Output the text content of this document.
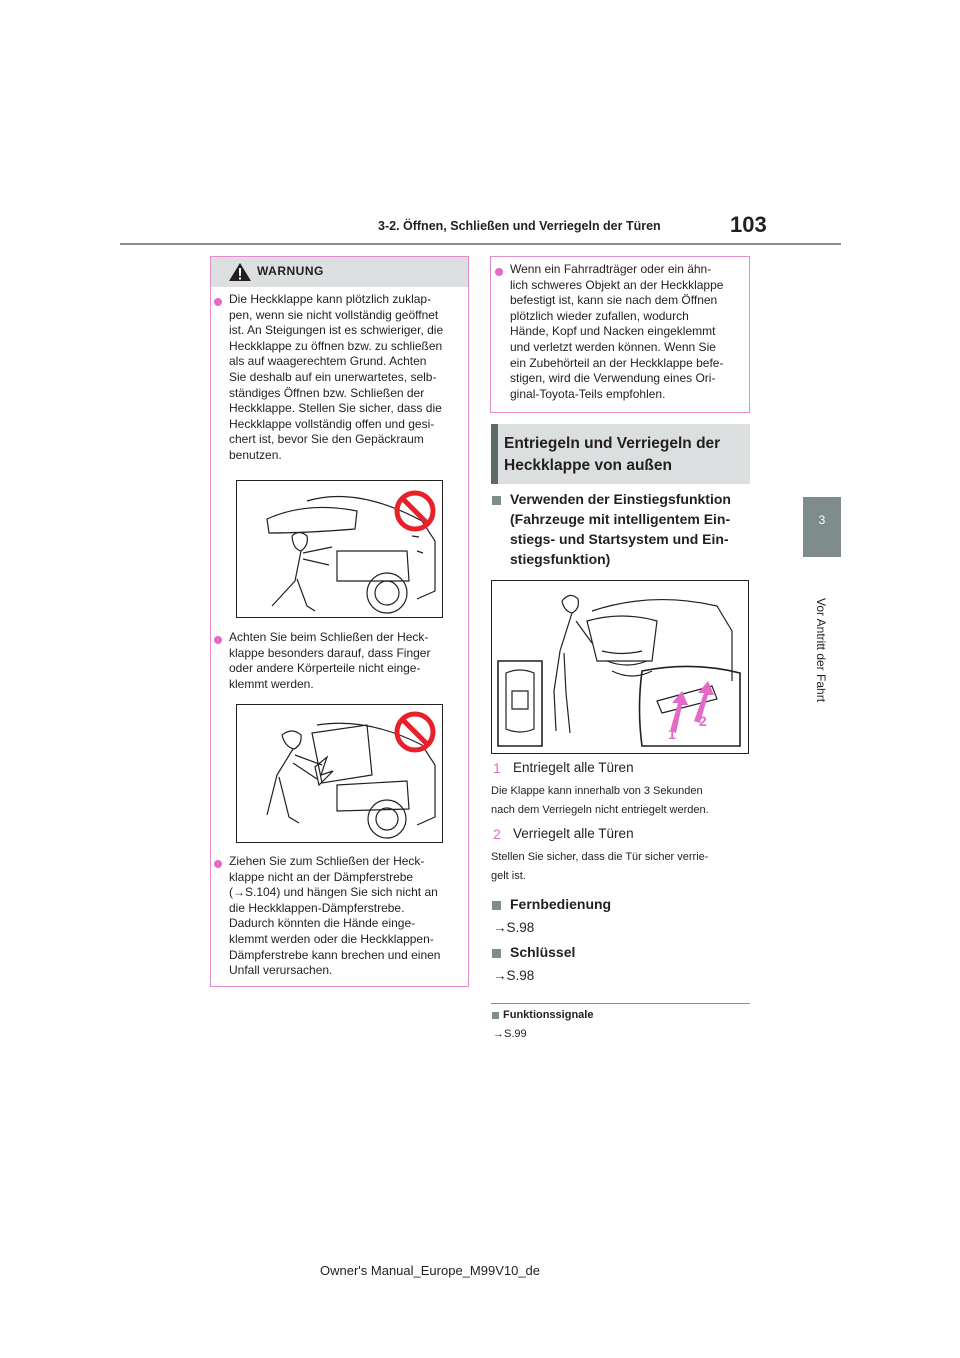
3-2. Öffnen, Schließen und Verriegeln der Türen	103
3
Vor Antritt der Fahrt
WARNUNG
Die Heckklappe kann plötzlich zuklap-
pen, wenn sie nicht vollständig geöffnet
ist. An Steigungen ist es schwieriger, die
Heckklappe zu öffnen bzw. zu schließen
als auf waagerechtem Grund. Achten
Sie deshalb auf ein unerwartetes, selb-
ständiges Öffnen bzw. Schließen der
Heckklappe. Stellen Sie sicher, dass die
Heckklappe vollständig offen und gesi-
chert ist, bevor Sie den Gepäckraum
benutzen.
Achten Sie beim Schließen der Heck-
klappe besonders darauf, dass Finger
oder andere Körperteile nicht einge-
klemmt werden.
Ziehen Sie zum Schließen der Heck-
klappe nicht an der Dämpferstrebe
(→S.104) und hängen Sie sich nicht an
die Heckklappen-Dämpferstrebe.
Dadurch könnten die Hände einge-
klemmt werden oder die Heckklappen-
Dämpferstrebe kann brechen und einen
Unfall verursachen.
Wenn ein Fahrradträger oder ein ähn-
lich schweres Objekt an der Heckklappe
befestigt ist, kann sie nach dem Öffnen
plötzlich wieder zufallen, wodurch
Hände, Kopf und Nacken eingeklemmt
und verletzt werden können. Wenn Sie
ein Zubehörteil an der Heckklappe befe-
stigen, wird die Verwendung eines Ori-
ginal-Toyota-Teils empfohlen.
Entriegeln und Verriegeln der
Heckklappe von außen
Verwenden der Einstiegsfunktion
(Fahrzeuge mit intelligentem Ein-
stiegs- und Startsystem und Ein-
stiegsfunktion)
1
2
1 Entriegelt alle Türen
Die Klappe kann innerhalb von 3 Sekunden
nach dem Verriegeln nicht entriegelt werden.
2 Verriegelt alle Türen
Stellen Sie sicher, dass die Tür sicher verrie-
gelt ist.
Fernbedienung
→S.98
Schlüssel
→S.98
Funktionssignale
→S.99
Owner's Manual_Europe_M99V10_de
